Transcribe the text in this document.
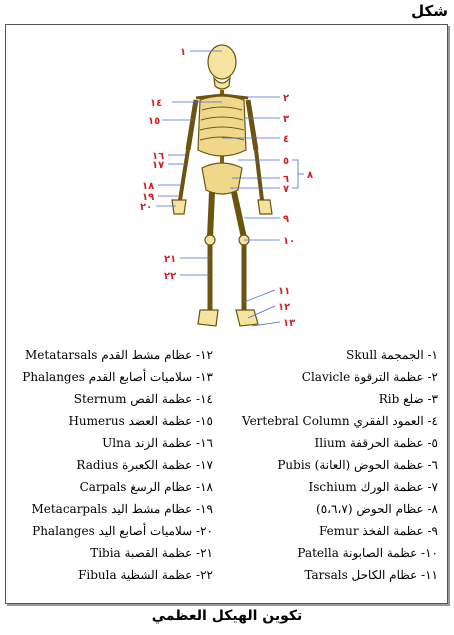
شكل
١
٢
٣
٤
٥
٦
٧
٨
٩
١٠
١١
١٢
١٣
١٤
١٥
١٦
١٧
١٨
١٩
٢٠
٢١
٢٢
١- الجمجمة Skull
٢- عظمة الترقوة Clavicle
٣- ضلع Rib
٤- العمود الفقري Vertebral Column
٥- عظمة الحرقفة Ilium
٦- عظمة الحوض (العانة) Pubis
٧- عظمة الورك Ischium
٨- عظام الحوض (٥،٦،٧)
٩- عظمة الفخذ Femur
١٠- عظمة الصابونة Patella
١١- عظام الكاحل Tarsals
١٢- عظام مشط القدم Metatarsals
١٣- سلاميات أصابع القدم Phalanges
١٤- عظمة القص Sternum
١٥- عظمة العضد Humerus
١٦- عظمة الزند Ulna
١٧- عظمة الكعبرة Radius
١٨- عظام الرسغ Carpals
١٩- عظام مشط اليد Metacarpals
٢٠- سلاميات أصابع اليد Phalanges
٢١- عظمة القصبة Tibia
٢٢- عظمة الشظية Fibula
تكوين الهيكل العظمي
